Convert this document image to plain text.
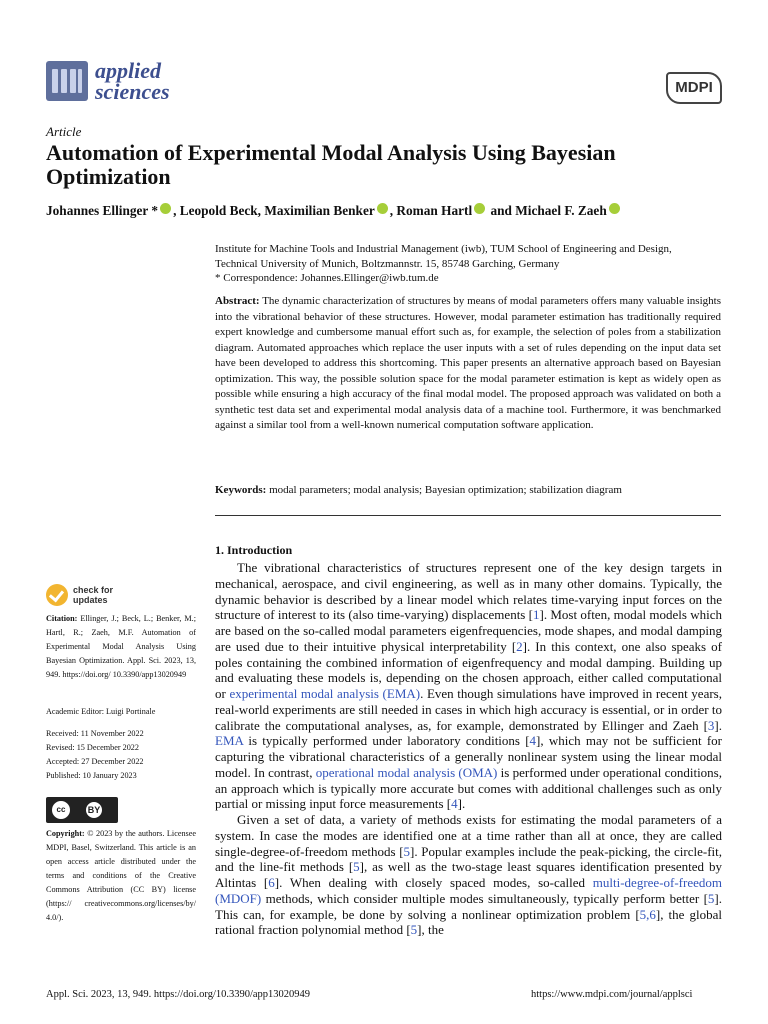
applied
sciences	MDPI
Article
Automation of Experimental Modal Analysis Using Bayesian Optimization
Johannes Ellinger * , Leopold Beck, Maximilian Benker , Roman Hartl and Michael F. Zaeh
Institute for Machine Tools and Industrial Management (iwb), TUM School of Engineering and Design,
Technical University of Munich, Boltzmannstr. 15, 85748 Garching, Germany
* Correspondence: Johannes.Ellinger@iwb.tum.de
Abstract: The dynamic characterization of structures by means of modal parameters offers many valuable insights into the vibrational behavior of these structures. However, modal parameter estimation has traditionally required expert knowledge and cumbersome manual effort such as, for example, the selection of poles from a stabilization diagram. Automated approaches which replace the user inputs with a set of rules depending on the input data set have been developed to address this shortcoming. This paper presents an alternative approach based on Bayesian optimization. This way, the possible solution space for the modal parameter estimation is kept as widely open as possible while ensuring a high accuracy of the final modal model. The proposed approach was validated on both a synthetic test data set and experimental modal analysis data of a machine tool. Furthermore, it was benchmarked against a similar tool from a well-known numerical computation software application.
Keywords: modal parameters; modal analysis; Bayesian optimization; stabilization diagram
1. Introduction

The vibrational characteristics of structures represent one of the key design targets in mechanical, aerospace, and civil engineering, as well as in many other domains. Typically, the dynamic behavior is described by a linear model which relates time-varying input forces on the structure of interest to its (also time-varying) displacements [1]. Most often, modal models which are based on the so-called modal parameters eigenfrequencies, mode shapes, and modal damping are used due to their intuitive physical interpretability [2]. In this context, one also speaks of poles containing the combined information of eigenfrequency and modal damping. Building up and evaluating these models is, depending on the chosen approach, either called computational or experimental modal analysis (EMA). Even though simulations have improved in recent years, real-world experiments are still needed in cases in which high accuracy is essential, or in order to calibrate the computational analyses, as, for example, demonstrated by Ellinger and Zaeh [3]. EMA is typically performed under laboratory conditions [4], which may not be sufficient for capturing the vibrational characteristics of a generally nonlinear system using the linear modal model. In contrast, operational modal analysis (OMA) is performed under operational conditions, an approach which is typically more accurate but comes with additional challenges such as only partial or missing input force measurements [4].

Given a set of data, a variety of methods exists for estimating the modal parameters of a system. In case the modes are identified one at a time rather than all at once, they are called single-degree-of-freedom methods [5]. Popular examples include the peak-picking, the circle-fit, and the line-fit methods [5], as well as the two-stage least squares identification presented by Altintas [6]. When dealing with closely spaced modes, so-called multi-degree-of-freedom (MDOF) methods, which consider multiple modes simultaneously, typically perform better [5]. This can, for example, be done by solving a nonlinear optimization problem [5,6], the global rational fraction polynomial method [5], the

check for
updates
Citation: Ellinger, J.; Beck, L.; Benker, M.; Hartl, R.; Zaeh, M.F. Automation of Experimental Modal Analysis Using Bayesian Optimization. Appl. Sci. 2023, 13, 949. https://doi.org/ 10.3390/app13020949
Academic Editor: Luigi Portinale
Received: 11 November 2022
Revised: 15 December 2022
Accepted: 27 December 2022
Published: 10 January 2023
cc	BY
Copyright: © 2023 by the authors. Licensee MDPI, Basel, Switzerland. This article is an open access article distributed under the terms and conditions of the Creative Commons Attribution (CC BY) license (https:// creativecommons.org/licenses/by/ 4.0/).
Appl. Sci. 2023, 13, 949. https://doi.org/10.3390/app13020949	https://www.mdpi.com/journal/applsci
